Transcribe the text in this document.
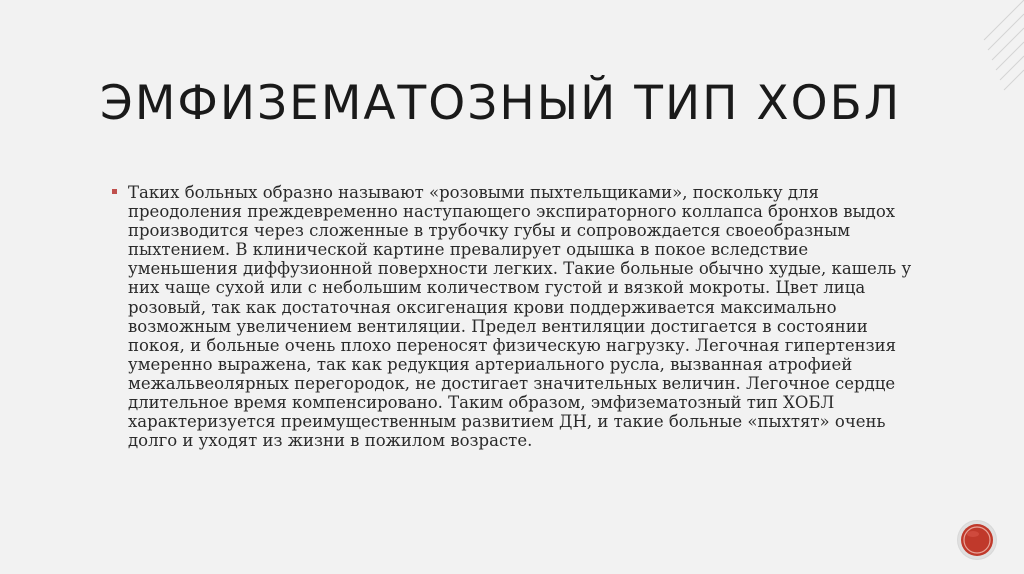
ЭМФИЗЕМАТОЗНЫЙ ТИП ХОБЛ

Таких больных образно называют «розовыми пыхтельщиками», поскольку для преодоления преждевременно наступающего экспираторного коллапса бронхов выдох производится через сложенные в трубочку губы и сопровождается своеобразным пыхтением. В клинической картине превалирует одышка в покое вследствие уменьшения диффузионной поверхности легких. Такие больные обычно худые, кашель у них чаще сухой или с небольшим количеством густой и вязкой мокроты. Цвет лица розовый, так как достаточная оксигенация крови поддерживается максимально возможным увеличением вентиляции. Предел вентиляции достигается в состоянии покоя, и больные очень плохо переносят физическую нагрузку. Легочная гипертензия умеренно выражена, так как редукция артериального русла, вызванная атрофией межальвеолярных перегородок, не достигает значительных величин. Легочное сердце длительное время компенсировано. Таким образом, эмфизематозный тип ХОБЛ характеризуется преимущественным развитием ДН, и такие больные «пыхтят» очень долго и уходят из жизни в пожилом возрасте.
